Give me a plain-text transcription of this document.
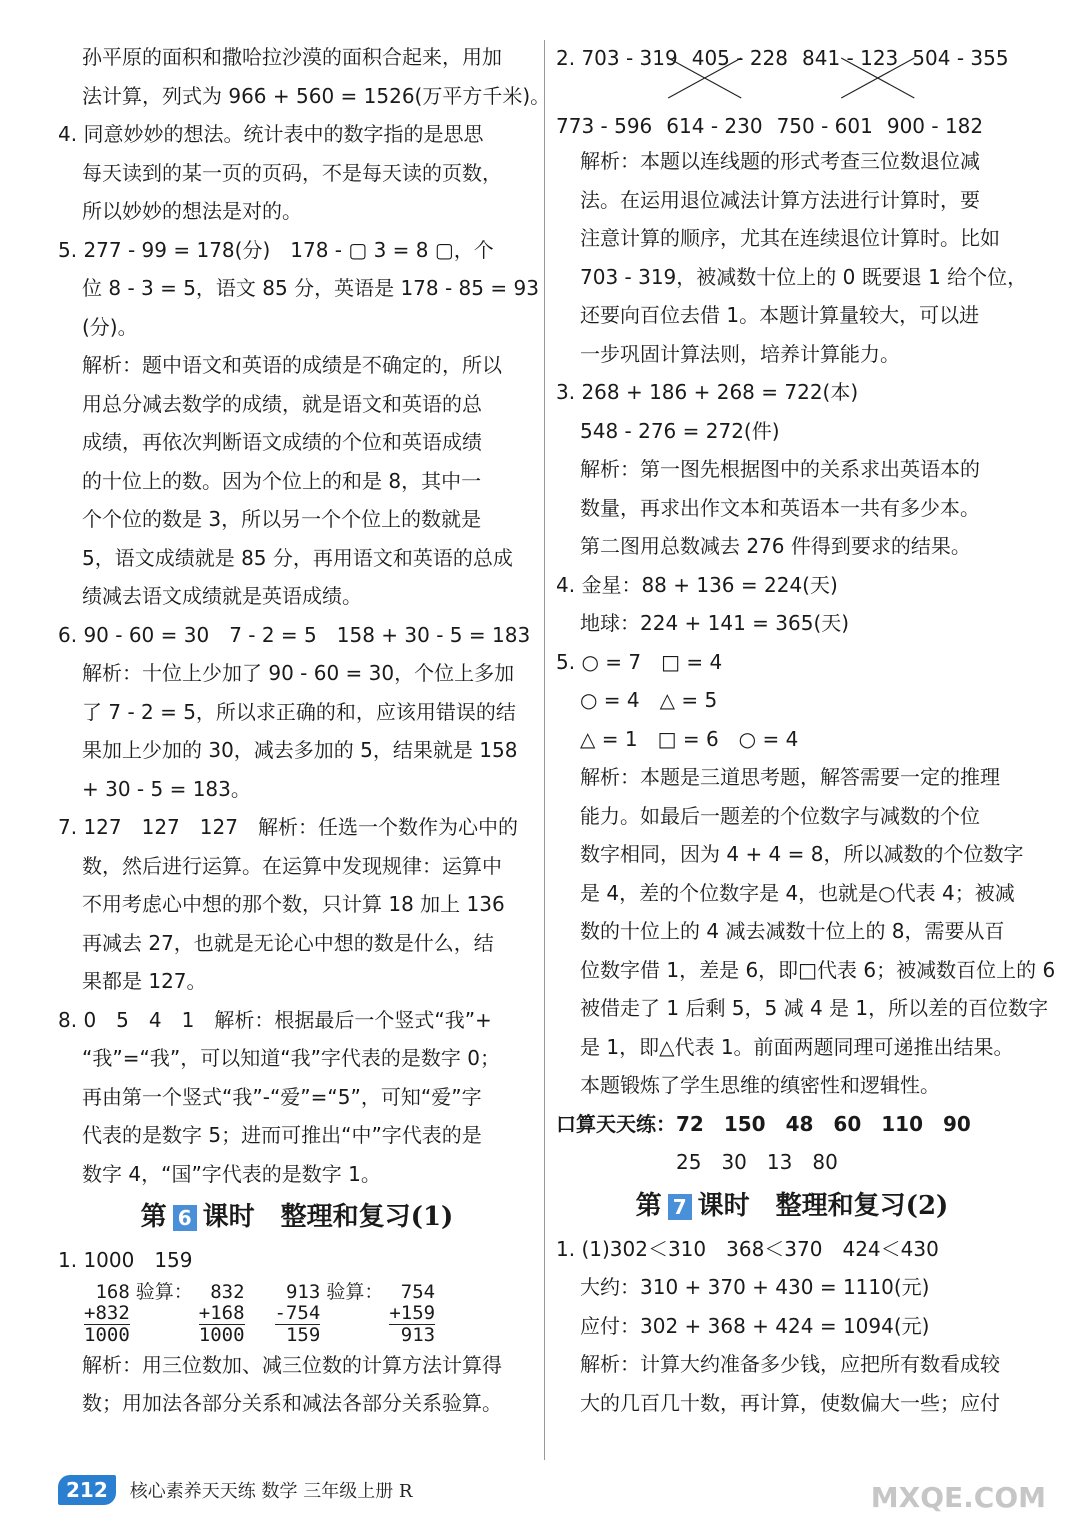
孙平原的面积和撒哈拉沙漠的面积合起来，用加
法计算，列式为 966 + 560 = 1526(万平方千米)。
4. 同意妙妙的想法。统计表中的数字指的是思思
每天读到的某一页的页码，不是每天读的页数，
所以妙妙的想法是对的。
5. 277 - 99 = 178(分)　178 - ▢ 3 = 8 ▢，个
位 8 - 3 = 5，语文 85 分，英语是 178 - 85 = 93
(分)。
解析：题中语文和英语的成绩是不确定的，所以
用总分减去数学的成绩，就是语文和英语的总
成绩，再依次判断语文成绩的个位和英语成绩
的十位上的数。因为个位上的和是 8，其中一
个个位的数是 3，所以另一个个位上的数就是
5，语文成绩就是 85 分，再用语文和英语的总成
绩减去语文成绩就是英语成绩。
6. 90 - 60 = 30　7 - 2 = 5　158 + 30 - 5 = 183
解析：十位上少加了 90 - 60 = 30，个位上多加
了 7 - 2 = 5，所以求正确的和，应该用错误的结
果加上少加的 30，减去多加的 5，结果就是 158
+ 30 - 5 = 183。
7. 127　127　127　解析：任选一个数作为心中的
数，然后进行运算。在运算中发现规律：运算中
不用考虑心中想的那个数，只计算 18 加上 136
再减去 27，也就是无论心中想的数是什么，结
果都是 127。
8. 0　5　4　1　解析：根据最后一个竖式“我”+
“我”=“我”，可以知道“我”字代表的是数字 0；
再由第一个竖式“我”-“爱”=“5”，可知“爱”字
代表的是数字 5；进而可推出“中”字代表的是
数字 4，“国”字代表的是数字 1。
第 6 课时　整理和复习(1)
1. 1000　159
168
+832
1000
验算： 832
+168
1000
913
-754
159
验算： 754
+159
913
解析：用三位数加、减三位数的计算方法计算得
数；用加法各部分关系和减法各部分关系验算。
2. 703 - 319 405 - 228 841 - 123 504 - 355
773 - 596 614 - 230 750 - 601 900 - 182
解析：本题以连线题的形式考查三位数退位减
法。在运用退位减法计算方法进行计算时，要
注意计算的顺序，尤其在连续退位计算时。比如
703 - 319，被减数十位上的 0 既要退 1 给个位，
还要向百位去借 1。本题计算量较大，可以进
一步巩固计算法则，培养计算能力。
3. 268 + 186 + 268 = 722(本)
548 - 276 = 272(件)
解析：第一图先根据图中的关系求出英语本的
数量，再求出作文本和英语本一共有多少本。
第二图用总数减去 276 件得到要求的结果。
4. 金星：88 + 136 = 224(天)
地球：224 + 141 = 365(天)
5. ○ = 7　□ = 4
○ = 4　△ = 5
△ = 1　□ = 6　○ = 4
解析：本题是三道思考题，解答需要一定的推理
能力。如最后一题差的个位数字与减数的个位
数字相同，因为 4 + 4 = 8，所以减数的个位数字
是 4，差的个位数字是 4，也就是○代表 4；被减
数的十位上的 4 减去减数十位上的 8，需要从百
位数字借 1，差是 6，即□代表 6；被减数百位上的 6
被借走了 1 后剩 5，5 减 4 是 1，所以差的百位数字
是 1，即△代表 1。前面两题同理可递推出结果。
本题锻炼了学生思维的缜密性和逻辑性。
口算天天练：72　150　48　60　110　90
25　30　13　80
第 7 课时　整理和复习(2)
1. (1)302＜310　368＜370　424＜430
大约：310 + 370 + 430 = 1110(元)
应付：302 + 368 + 424 = 1094(元)
解析：计算大约准备多少钱，应把所有数看成较
大的几百几十数，再计算，使数偏大一些；应付
212	核心素养天天练 数学 三年级上册 R	MXQE.COM
